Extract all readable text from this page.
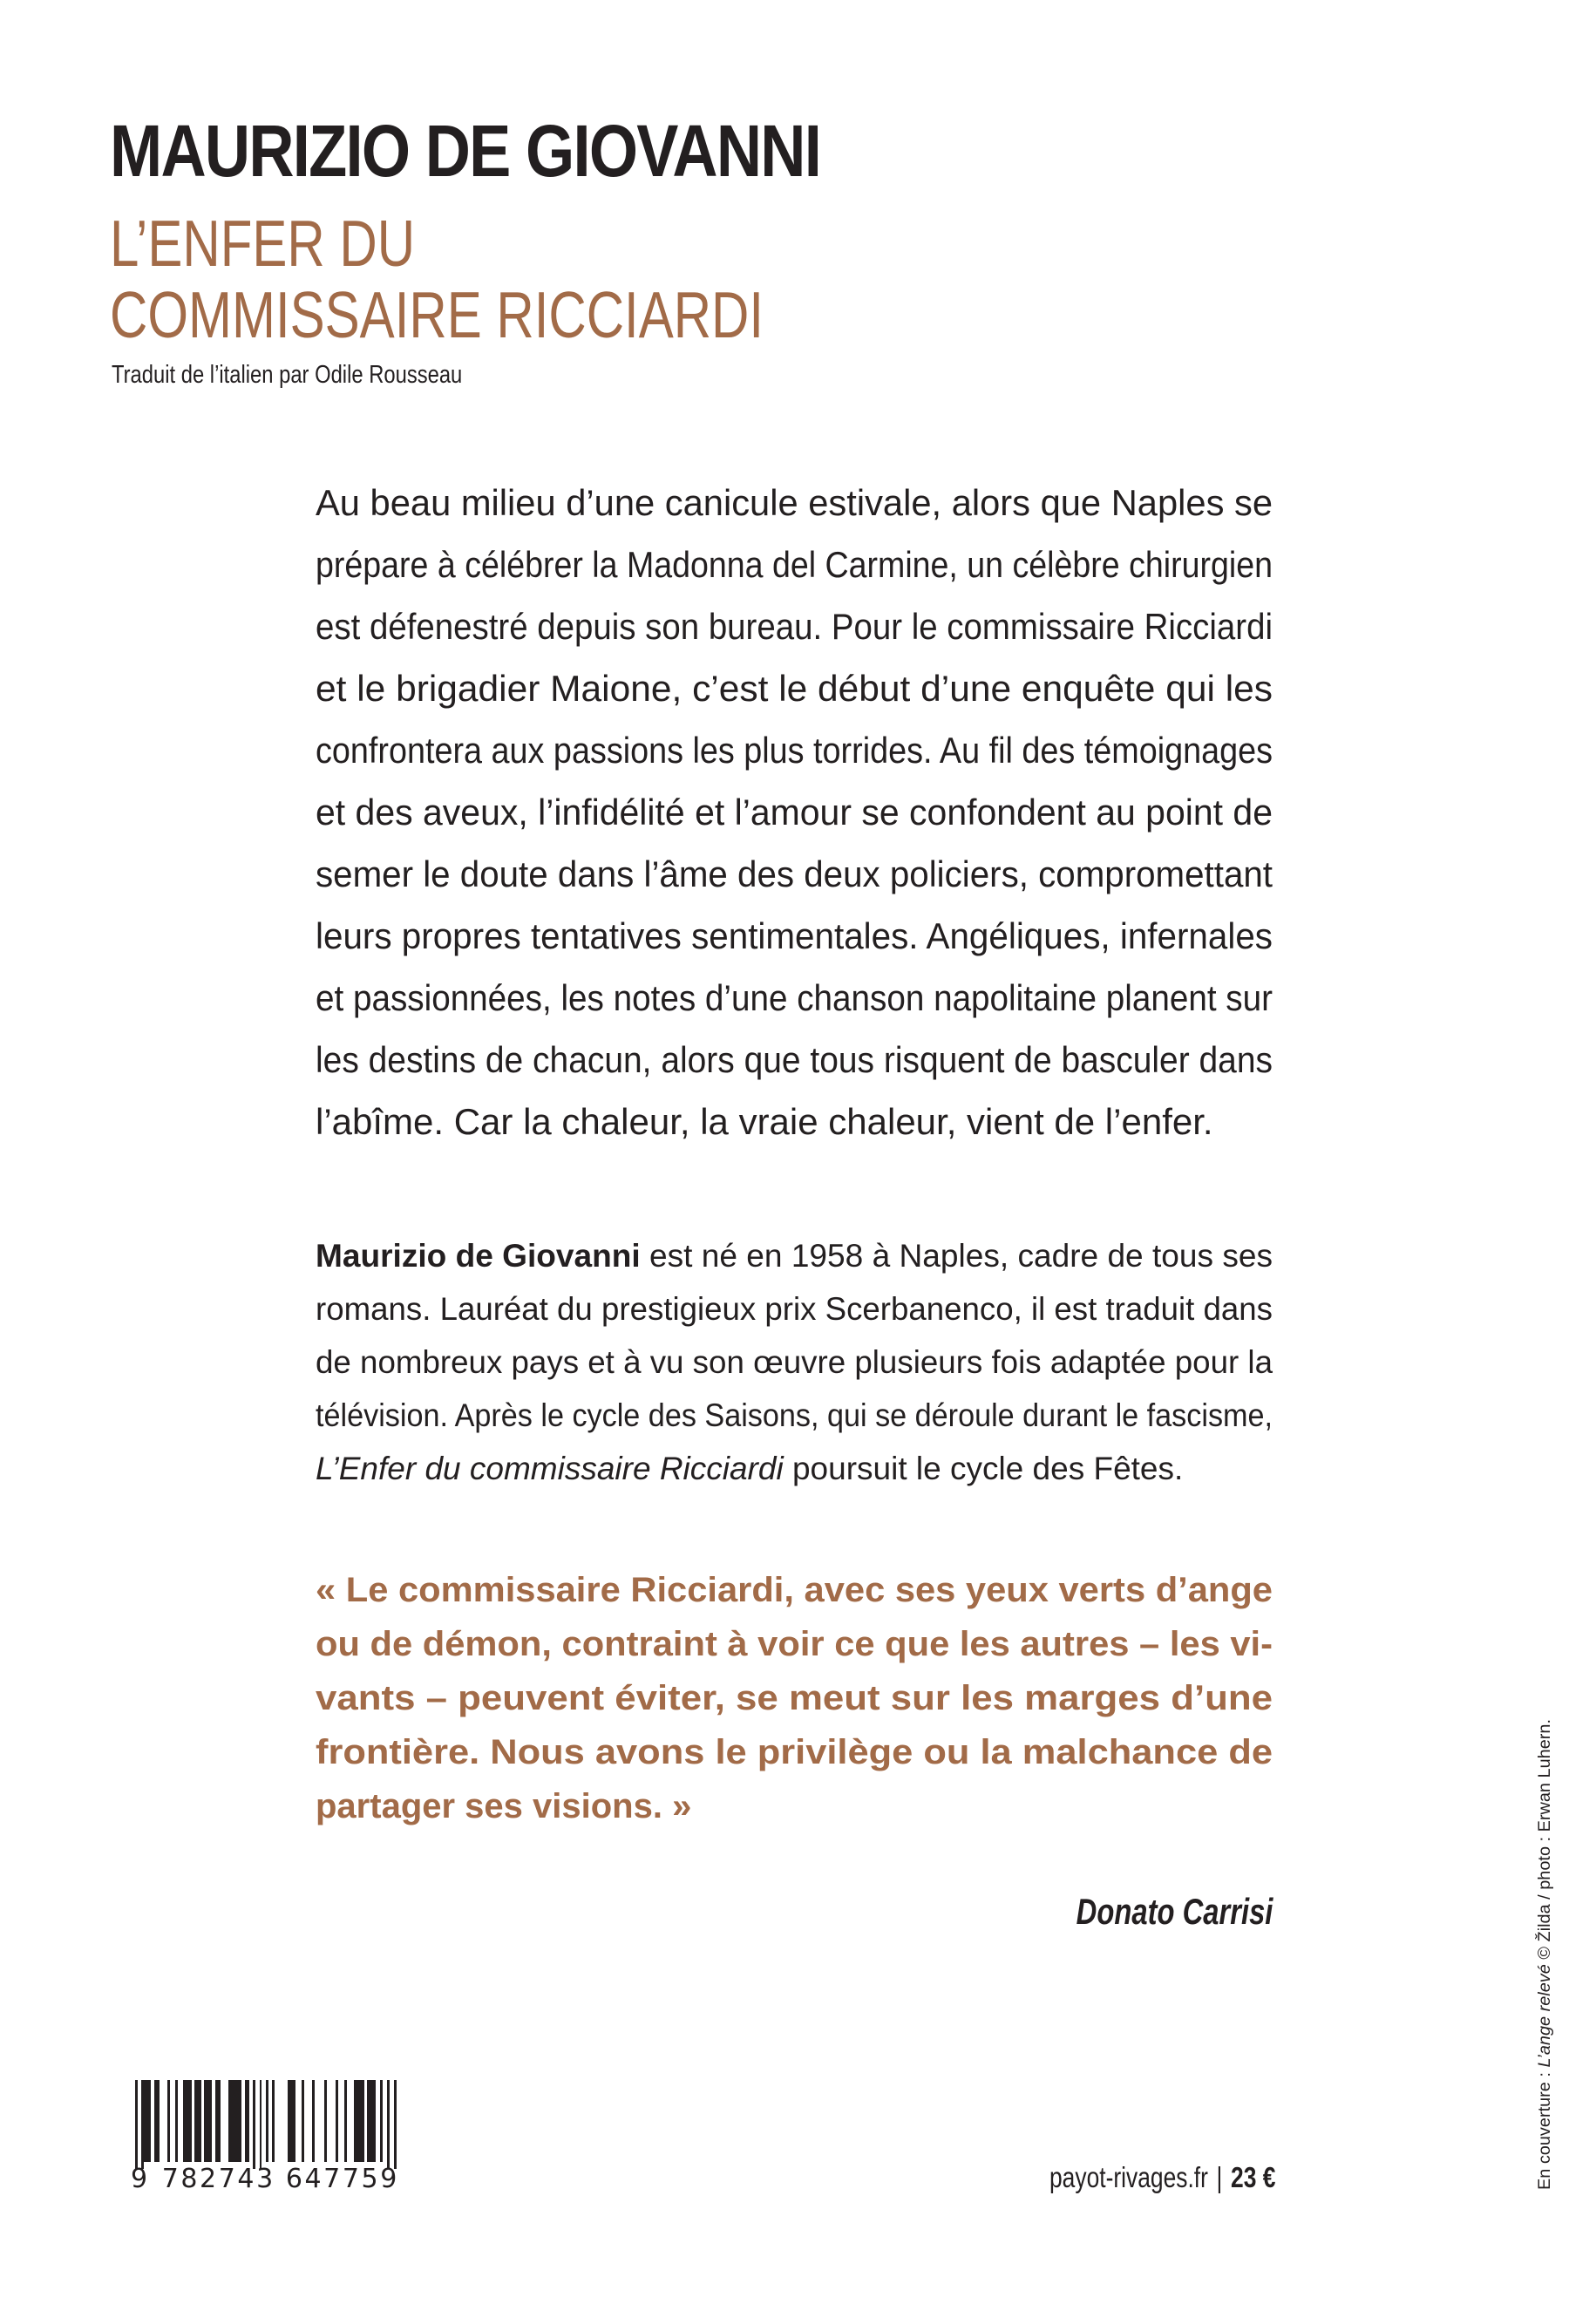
MAURIZIO DE GIOVANNI
L’ENFER DU
COMMISSAIRE RICCIARDI
Traduit de l’italien par Odile Rousseau
Au beau milieu d’une canicule estivale, alors que Naples se
prépare à célébrer la Madonna del Carmine, un célèbre chirurgien
est défenestré depuis son bureau. Pour le commissaire Ricciardi
et le brigadier Maione, c’est le début d’une enquête qui les
confrontera aux passions les plus torrides. Au fil des témoignages
et des aveux, l’infidélité et l’amour se confondent au point de
semer le doute dans l’âme des deux policiers, compromettant
leurs propres tentatives sentimentales. Angéliques, infernales
et passionnées, les notes d’une chanson napolitaine planent sur
les destins de chacun, alors que tous risquent de basculer dans
l’abîme. Car la chaleur, la vraie chaleur, vient de l’enfer.
Maurizio de Giovanni est né en 1958 à Naples, cadre de tous ses
romans. Lauréat du prestigieux prix Scerbanenco, il est traduit dans
de nombreux pays et à vu son œuvre plusieurs fois adaptée pour la
télévision. Après le cycle des Saisons, qui se déroule durant le fascisme,
L’Enfer du commissaire Ricciardi poursuit le cycle des Fêtes.
« Le commissaire Ricciardi, avec ses yeux verts d’ange
ou de démon, contraint à voir ce que les autres – les vi-
vants – peuvent éviter, se meut sur les marges d’une
frontière. Nous avons le privilège ou la malchance de
partager ses visions. »
Donato Carrisi
9 782743 647759	payot-rivages.fr | 23 €	En couverture : L’ange relevé © Žilda / photo : Erwan Luhern.
